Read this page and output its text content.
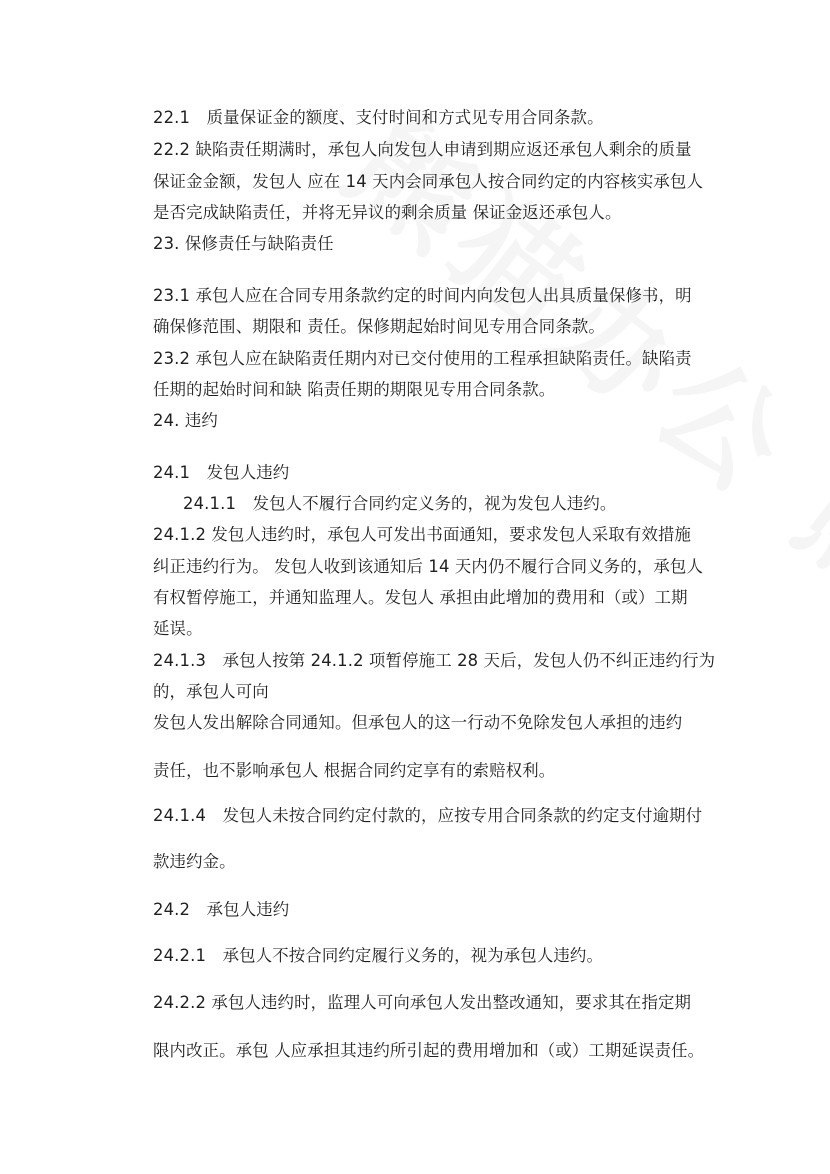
22.1　质量保证金的额度、支付时间和方式见专用合同条款。
22.2 缺陷责任期满时，承包人向发包人申请到期应返还承包人剩余的质量
保证金金额，发包人 应在 14 天内会同承包人按合同约定的内容核实承包人
是否完成缺陷责任，并将无异议的剩余质量 保证金返还承包人。
23. 保修责任与缺陷责任
23.1 承包人应在合同专用条款约定的时间内向发包人出具质量保修书，明
确保修范围、期限和 责任。保修期起始时间见专用合同条款。
23.2 承包人应在缺陷责任期内对已交付使用的工程承担缺陷责任。缺陷责
任期的起始时间和缺 陷责任期的期限见专用合同条款。
24. 违约
24.1　发包人违约
24.1.1　发包人不履行合同约定义务的，视为发包人违约。
24.1.2 发包人违约时，承包人可发出书面通知，要求发包人采取有效措施
纠正违约行为。 发包人收到该通知后 14 天内仍不履行合同义务的，承包人
有权暂停施工，并通知监理人。发包人 承担由此增加的费用和（或）工期
延误。
24.1.3　承包人按第 24.1.2 项暂停施工 28 天后，发包人仍不纠正违约行为
的，承包人可向
发包人发出解除合同通知。但承包人的这一行动不免除发包人承担的违约
责任，也不影响承包人 根据合同约定享有的索赔权利。
24.1.4　发包人未按合同约定付款的，应按专用合同条款的约定支付逾期付
款违约金。
24.2　承包人违约
24.2.1　承包人不按合同约定履行义务的，视为承包人违约。
24.2.2 承包人违约时，监理人可向承包人发出整改通知，要求其在指定期
限内改正。承包 人应承担其违约所引起的费用增加和（或）工期延误责任。
